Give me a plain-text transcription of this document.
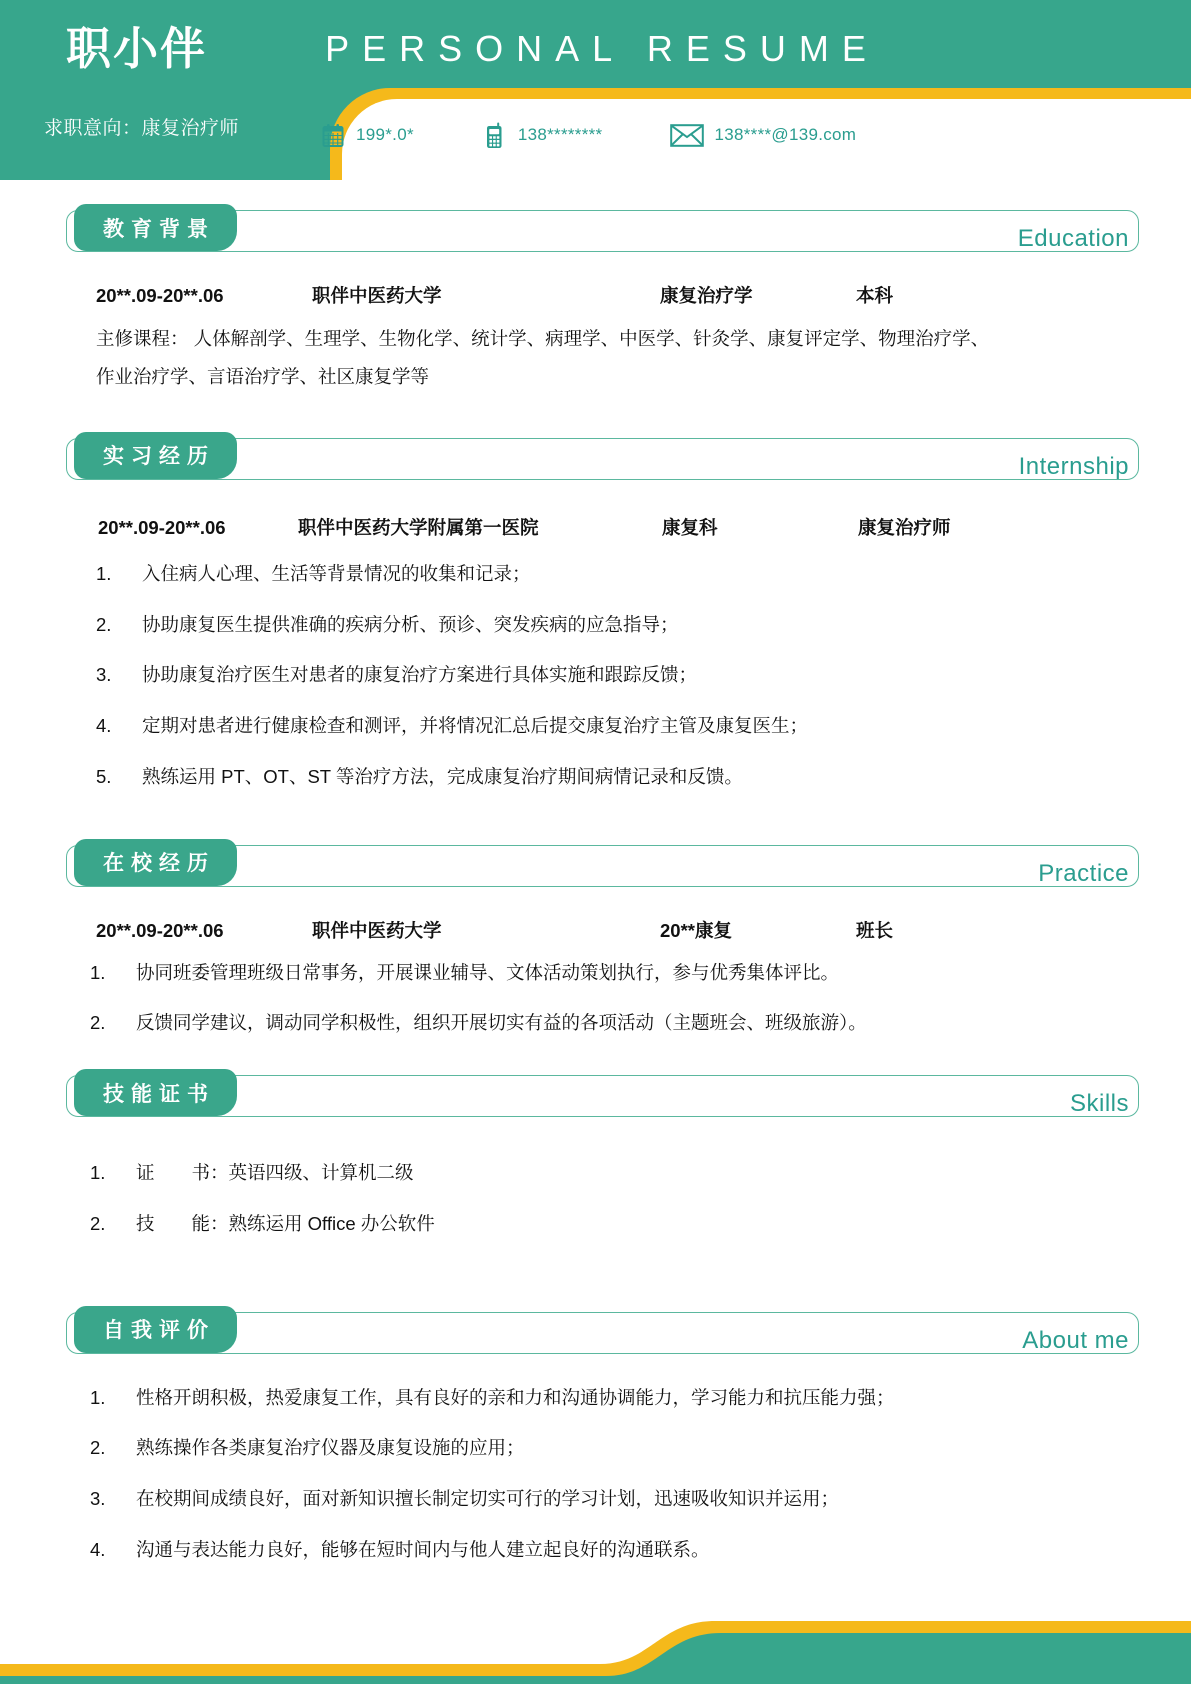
PERSONAL RESUME
职小伴
求职意向：康复治疗师	199*.0*	138********	138****@139.com
教育背景	Education
20**.09-20**.06	职伴中医药大学	康复治疗学	本科
主修课程： 人体解剖学、生理学、生物化学、统计学、病理学、中医学、针灸学、康复评定学、物理治疗学、
作业治疗学、言语治疗学、社区康复学等
实习经历	Internship
20**.09-20**.06	职伴中医药大学附属第一医院	康复科	康复治疗师
1.	入住病人心理、生活等背景情况的收集和记录；
2.	协助康复医生提供准确的疾病分析、预诊、突发疾病的应急指导；
3.	协助康复治疗医生对患者的康复治疗方案进行具体实施和跟踪反馈；
4.	定期对患者进行健康检查和测评，并将情况汇总后提交康复治疗主管及康复医生；
5.	熟练运用 PT、OT、ST 等治疗方法，完成康复治疗期间病情记录和反馈。
在校经历	Practice
20**.09-20**.06	职伴中医药大学	20**康复	班长
1.	协同班委管理班级日常事务，开展课业辅导、文体活动策划执行，参与优秀集体评比。
2.	反馈同学建议，调动同学积极性，组织开展切实有益的各项活动（主题班会、班级旅游）。
技能证书	Skills
1.	证　　书：英语四级、计算机二级
2.	技　　能：熟练运用 Office 办公软件
自我评价	About me
1.	性格开朗积极，热爱康复工作，具有良好的亲和力和沟通协调能力，学习能力和抗压能力强；
2.	熟练操作各类康复治疗仪器及康复设施的应用；
3.	在校期间成绩良好，面对新知识擅长制定切实可行的学习计划，迅速吸收知识并运用；
4.	沟通与表达能力良好，能够在短时间内与他人建立起良好的沟通联系。
